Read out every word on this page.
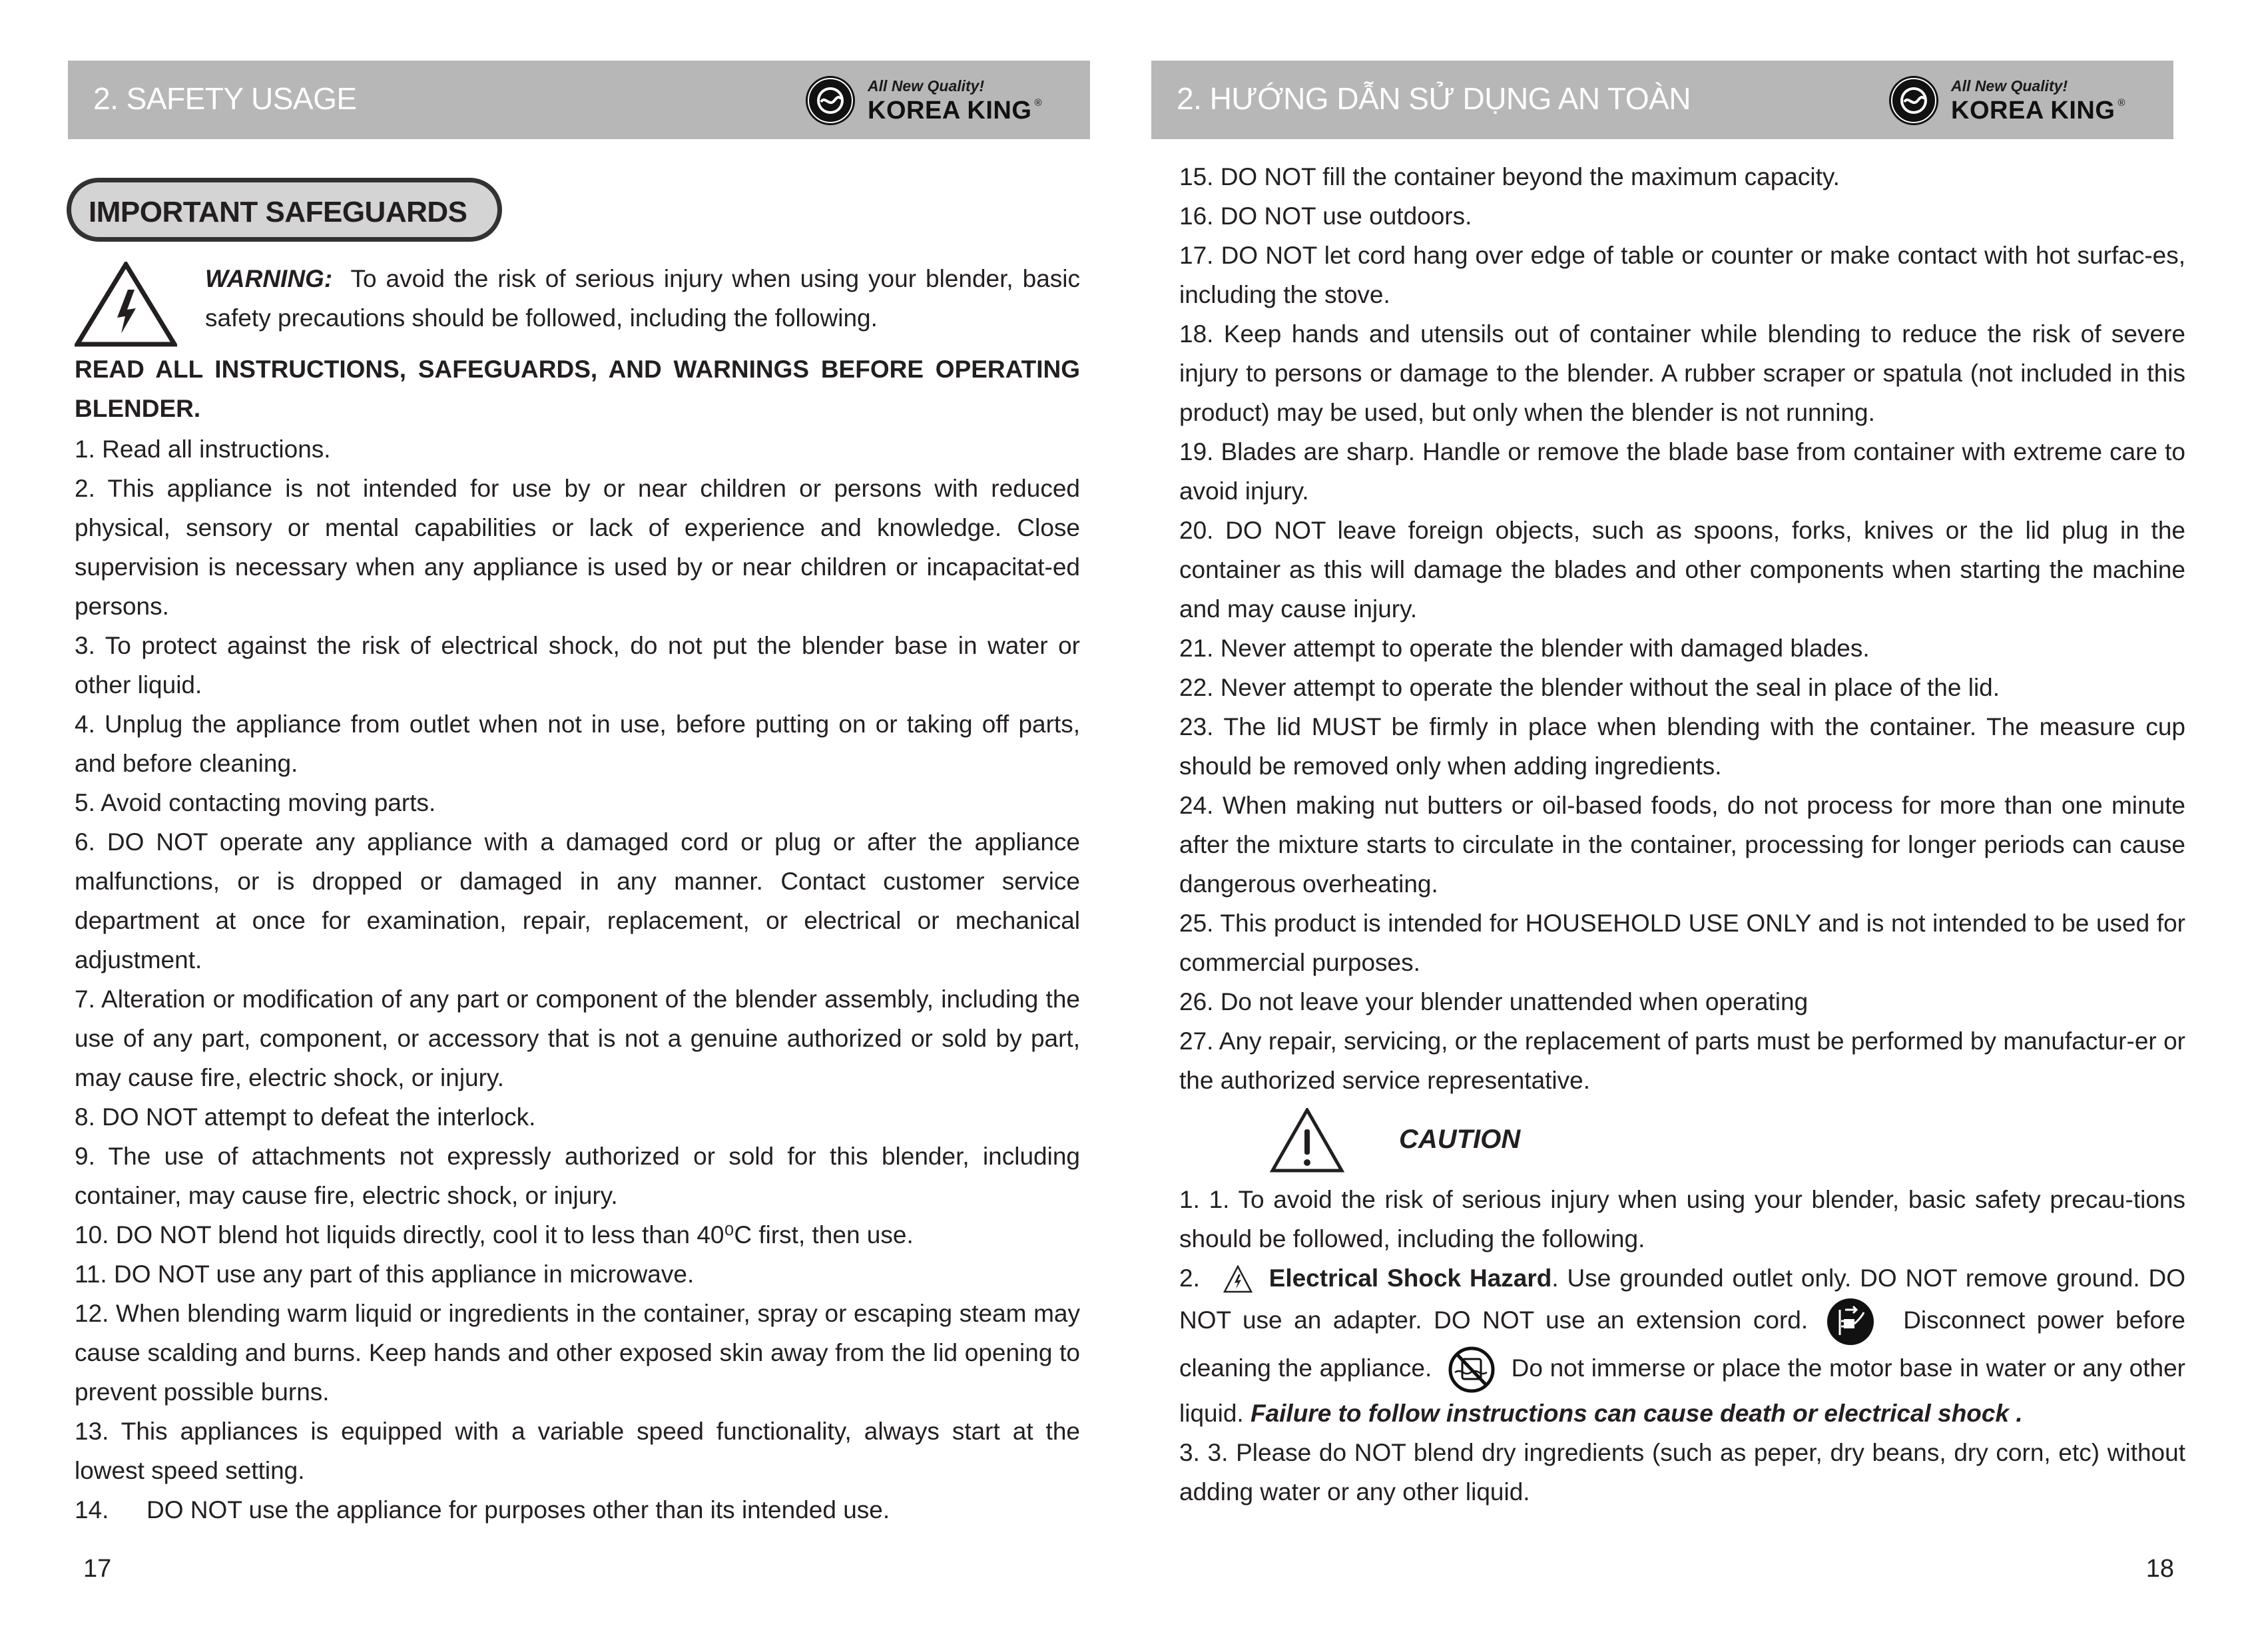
2. SAFETY USAGE	All New Quality!
KOREA KING ®
IMPORTANT SAFEGUARDS
WARNING: To avoid the risk of serious injury when using your blender, basic safety precautions should be followed, including the following.
READ ALL INSTRUCTIONS, SAFEGUARDS, AND WARNINGS BEFORE OPERATING BLENDER.
1. Read all instructions.
2. This appliance is not intended for use by or near children or persons with reduced physical, sensory or mental capabilities or lack of experience and knowledge. Close supervision is necessary when any appliance is used by or near children or incapacitat-ed persons.
3. To protect against the risk of electrical shock, do not put the blender base in water or other liquid.
4. Unplug the appliance from outlet when not in use, before putting on or taking off parts, and before cleaning.
5. Avoid contacting moving parts.
6. DO NOT operate any appliance with a damaged cord or plug or after the appliance malfunctions, or is dropped or damaged in any manner. Contact customer service department at once for examination, repair, replacement, or electrical or mechanical adjustment.
7. Alteration or modification of any part or component of the blender assembly, including the use of any part, component, or accessory that is not a genuine authorized or sold by part, may cause fire, electric shock, or injury.
8. DO NOT attempt to defeat the interlock.
9. The use of attachments not expressly authorized or sold for this blender, including container, may cause fire, electric shock, or injury.
10. DO NOT blend hot liquids directly, cool it to less than 40⁰C first, then use.
11. DO NOT use any part of this appliance in microwave.
12. When blending warm liquid or ingredients in the container, spray or escaping steam may cause scalding and burns. Keep hands and other exposed skin away from the lid opening to prevent possible burns.
13. This appliances is equipped with a variable speed functionality, always start at the lowest speed setting.
14. DO NOT use the appliance for purposes other than its intended use.
17
2. HƯỚNG DẪN SỬ DỤNG AN TOÀN	All New Quality!
KOREA KING ®
15. DO NOT fill the container beyond the maximum capacity.
16. DO NOT use outdoors.
17. DO NOT let cord hang over edge of table or counter or make contact with hot surfac-es, including the stove.
18. Keep hands and utensils out of container while blending to reduce the risk of severe injury to persons or damage to the blender. A rubber scraper or spatula (not included in this product) may be used, but only when the blender is not running.
19. Blades are sharp. Handle or remove the blade base from container with extreme care to avoid injury.
20. DO NOT leave foreign objects, such as spoons, forks, knives or the lid plug in the container as this will damage the blades and other components when starting the machine and may cause injury.
21. Never attempt to operate the blender with damaged blades.
22. Never attempt to operate the blender without the seal in place of the lid.
23. The lid MUST be firmly in place when blending with the container. The measure cup should be removed only when adding ingredients.
24. When making nut butters or oil-based foods, do not process for more than one minute after the mixture starts to circulate in the container, processing for longer periods can cause dangerous overheating.
25. This product is intended for HOUSEHOLD USE ONLY and is not intended to be used for commercial purposes.
26. Do not leave your blender unattended when operating
27. Any repair, servicing, or the replacement of parts must be performed by manufactur-er or the authorized service representative.
CAUTION
1. 1. To avoid the risk of serious injury when using your blender, basic safety precau-tions should be followed, including the following.
2.	Electrical Shock Hazard. Use grounded outlet only. DO NOT remove ground. DO NOT use an adapter. DO NOT use an extension cord.	Disconnect power before cleaning the appliance.	Do not immerse or place the motor base in water or any other liquid. Failure to follow instructions can cause death or electrical shock .
3. 3. Please do NOT blend dry ingredients (such as peper, dry beans, dry corn, etc) without adding water or any other liquid.
18
